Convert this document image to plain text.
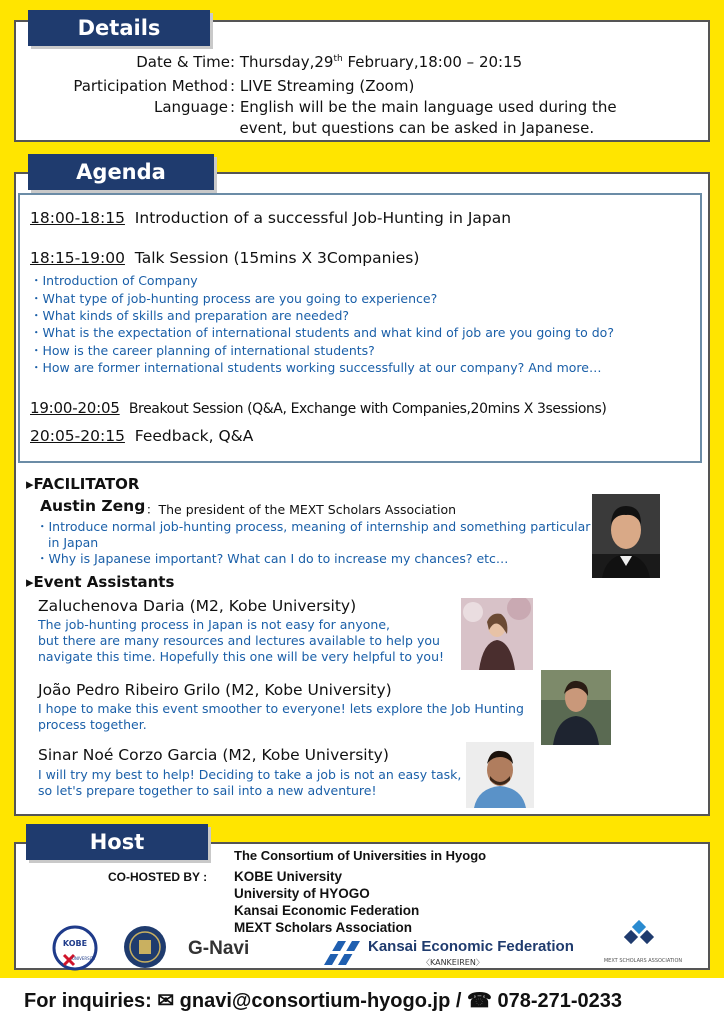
Details
Date & Time : Thursday,29th February,18:00 – 20:15
Participation Method : LIVE Streaming (Zoom)
Language : English will be the main language used during the
event, but questions can be asked in Japanese.
Agenda
18:00-18:15 Introduction of a successful Job-Hunting in Japan
18:15-19:00 Talk Session (15mins X 3Companies)
・Introduction of Company
・What type of job-hunting process are you going to experience?
・What kinds of skills and preparation are needed?
・What is the expectation of international students and what kind of job are you going to do?
・How is the career planning of international students?
・How are former international students working successfully at our company? And more…
19:00-20:05 Breakout Session (Q&A, Exchange with Companies,20mins X 3sessions)
20:05-20:15 Feedback, Q&A
▸FACILITATOR
Austin Zeng ：The president of the MEXT Scholars Association
・Introduce normal job-hunting process, meaning of internship and something particular
in Japan
・Why is Japanese important? What can I do to increase my chances? etc…
▸Event Assistants
Zaluchenova Daria (M2, Kobe University)
The job-hunting process in Japan is not easy for anyone,
but there are many resources and lectures available to help you
navigate this time. Hopefully this one will be very helpful to you!
João Pedro Ribeiro Grilo (M2, Kobe University)
I hope to make this event smoother to everyone! lets explore the Job Hunting
process together.
Sinar Noé Corzo Garcia (M2, Kobe University)
I will try my best to help! Deciding to take a job is not an easy task,
so let's prepare together to sail into a new adventure!
Host
The Consortium of Universities in Hyogo
CO-HOSTED BY : KOBE University
University of HYOGO
Kansai Economic Federation
MEXT Scholars Association
KOBE
UNIVERSITY	G-Navi	Kansai Economic Federation
〈KANKEIREN〉	MEXT SCHOLARS ASSOCIATION
For inquiries: ✉ gnavi@consortium-hyogo.jp / ☎ 078-271-0233
